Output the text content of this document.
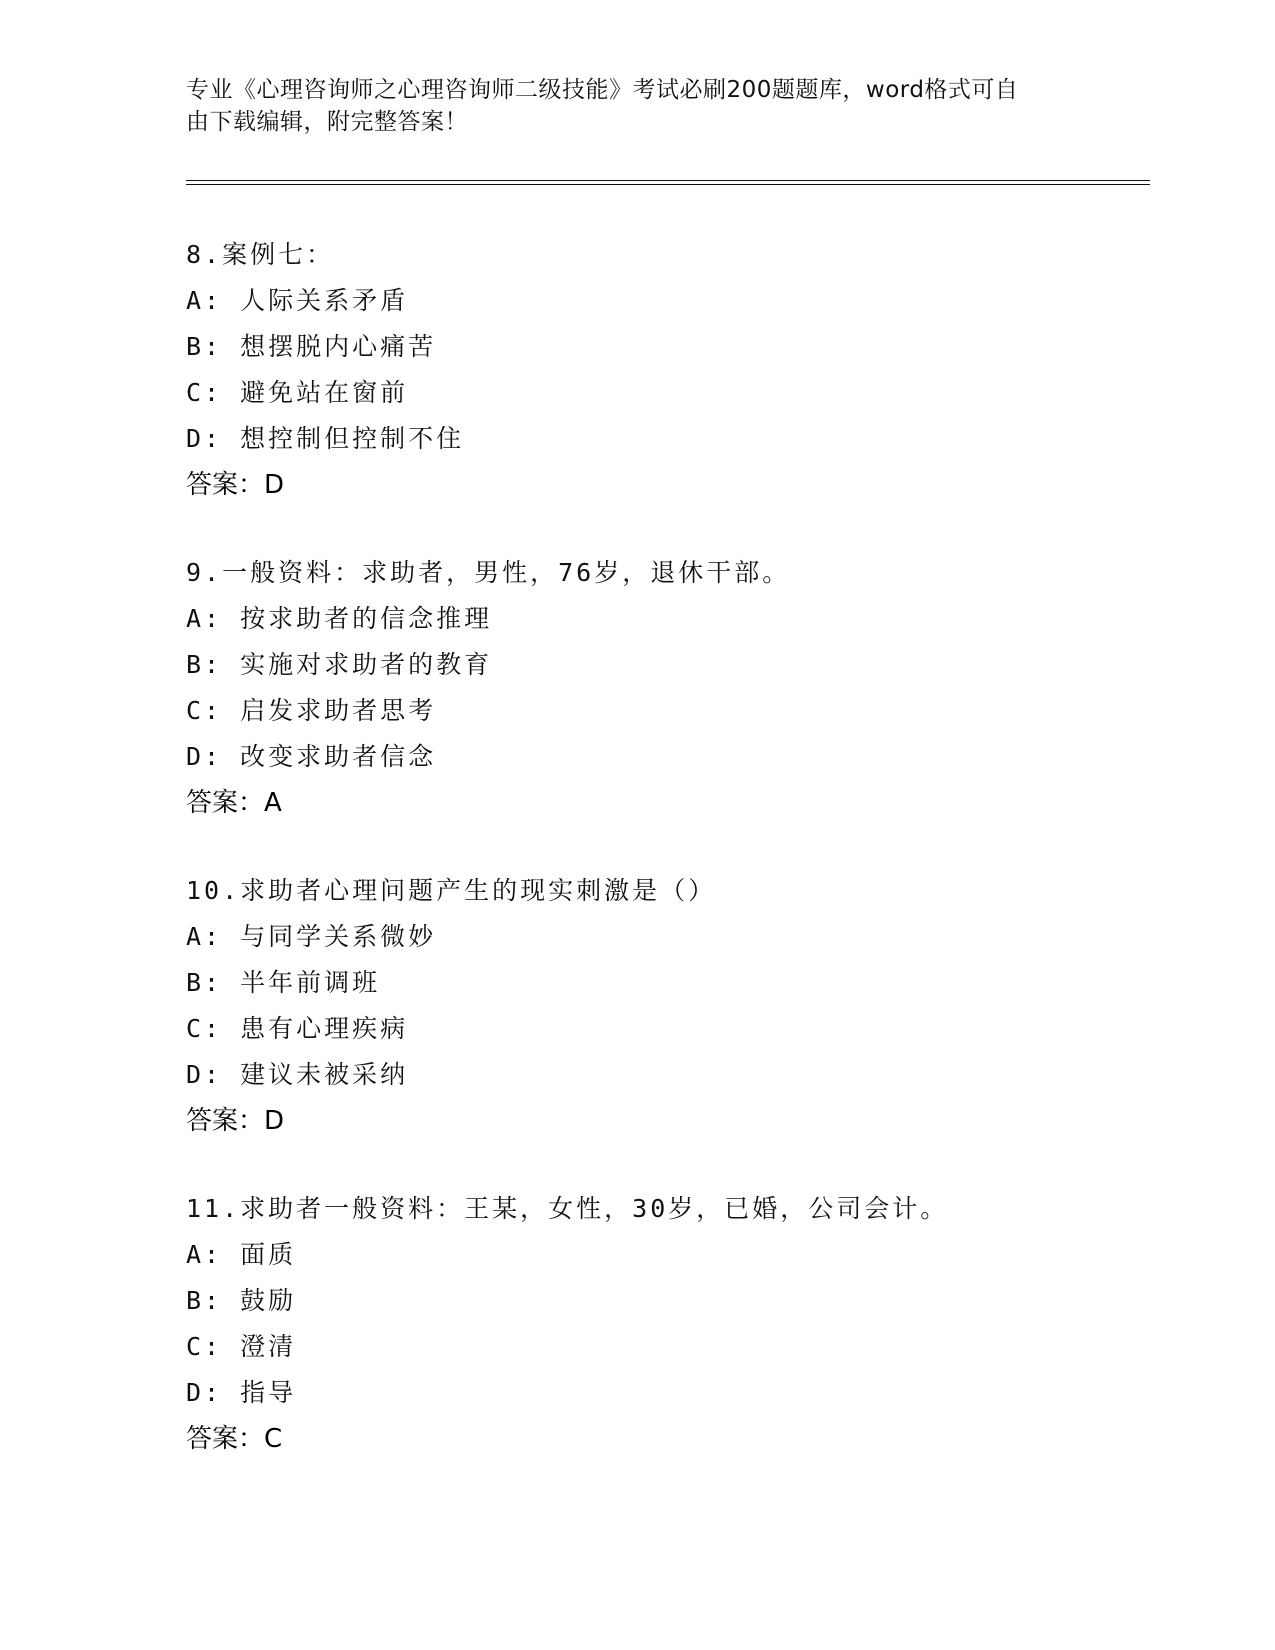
专业《心理咨询师之心理咨询师二级技能》考试必刷200题题库，word格式可自
由下载编辑，附完整答案！
8.案例七：
A: 人际关系矛盾
B: 想摆脱内心痛苦
C: 避免站在窗前
D: 想控制但控制不住
答案：D
9.一般资料：求助者，男性，76岁，退休干部。
A: 按求助者的信念推理
B: 实施对求助者的教育
C: 启发求助者思考
D: 改变求助者信念
答案：A
10.求助者心理问题产生的现实刺激是（）
A: 与同学关系微妙
B: 半年前调班
C: 患有心理疾病
D: 建议未被采纳
答案：D
11.求助者一般资料：王某，女性，30岁，已婚，公司会计。
A: 面质
B: 鼓励
C: 澄清
D: 指导
答案：C
